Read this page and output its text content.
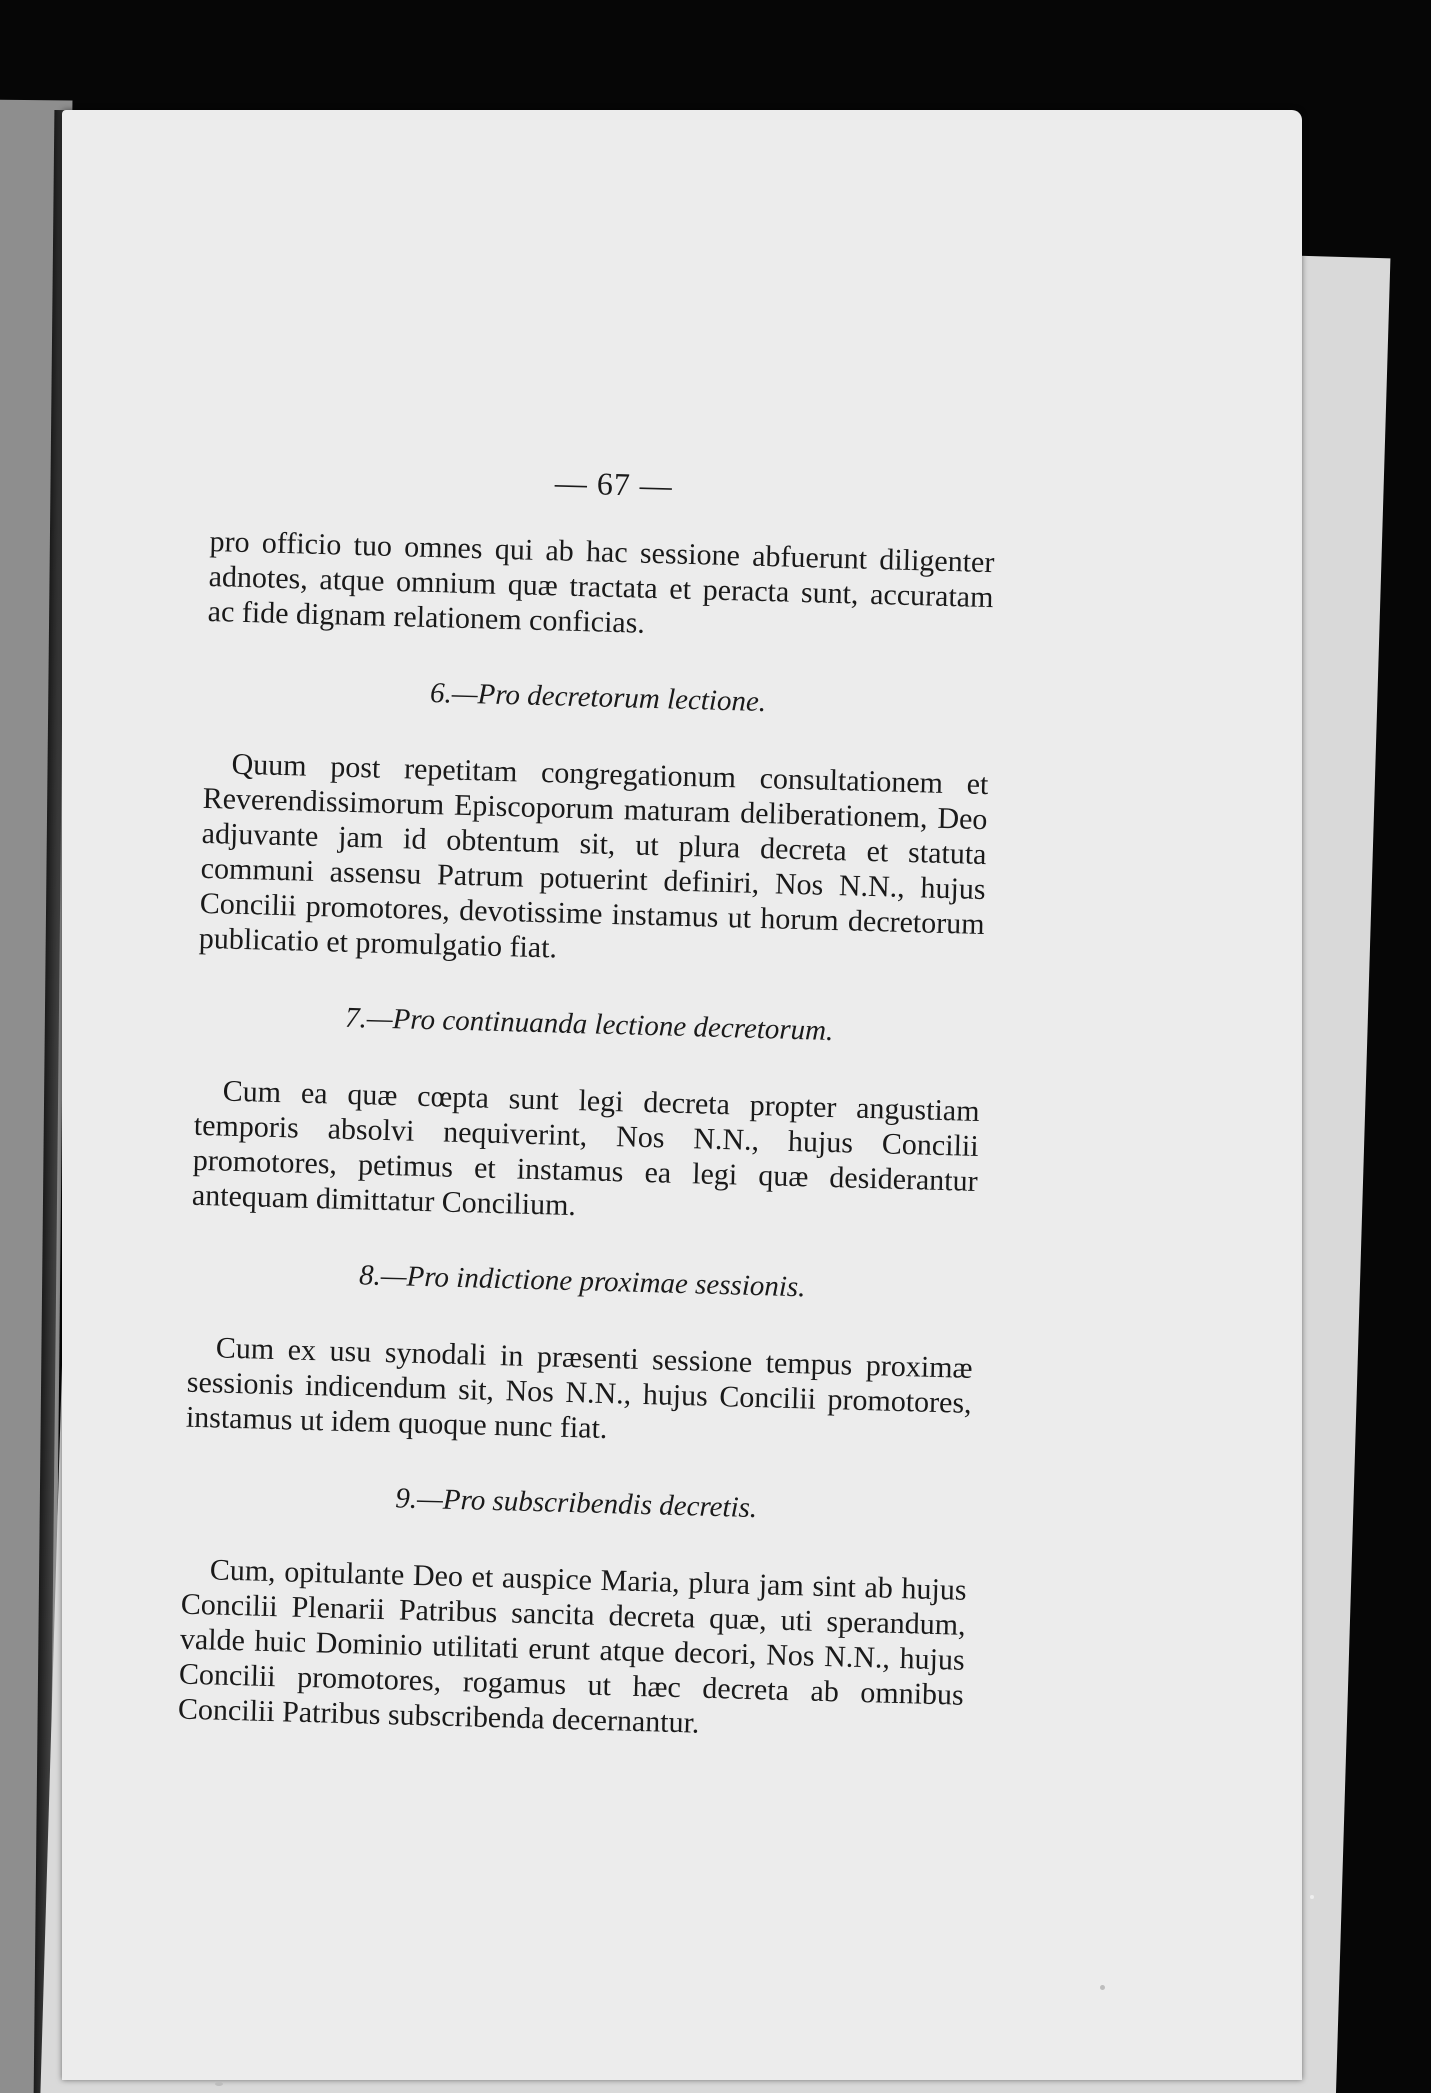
— 67 —

pro officio tuo omnes qui ab hac sessione abfuerunt diligenter adnotes, atque omnium quæ tractata et peracta sunt, accuratam ac fide dignam relationem conficias.

6.—Pro decretorum lectione.

Quum post repetitam congregationum consultationem et Reverendissimorum Episcoporum maturam deliberationem, Deo adjuvante jam id obtentum sit, ut plura decreta et statuta communi assensu Patrum potuerint definiri, Nos N.N., hujus Concilii promotores, devotissime instamus ut horum decretorum publicatio et promulgatio fiat.

7.—Pro continuanda lectione decretorum.

Cum ea quæ cœpta sunt legi decreta propter angustiam temporis absolvi nequiverint, Nos N.N., hujus Concilii promotores, petimus et instamus ea legi quæ desiderantur antequam dimittatur Concilium.

8.—Pro indictione proximae sessionis.

Cum ex usu synodali in præsenti sessione tempus proximæ sessionis indicendum sit, Nos N.N., hujus Concilii promotores, instamus ut idem quoque nunc fiat.

9.—Pro subscribendis decretis.

Cum, opitulante Deo et auspice Maria, plura jam sint ab hujus Concilii Plenarii Patribus sancita decreta quæ, uti sperandum, valde huic Dominio utilitati erunt atque decori, Nos N.N., hujus Concilii promotores, rogamus ut hæc decreta ab omnibus Concilii Patribus subscribenda decernantur.
